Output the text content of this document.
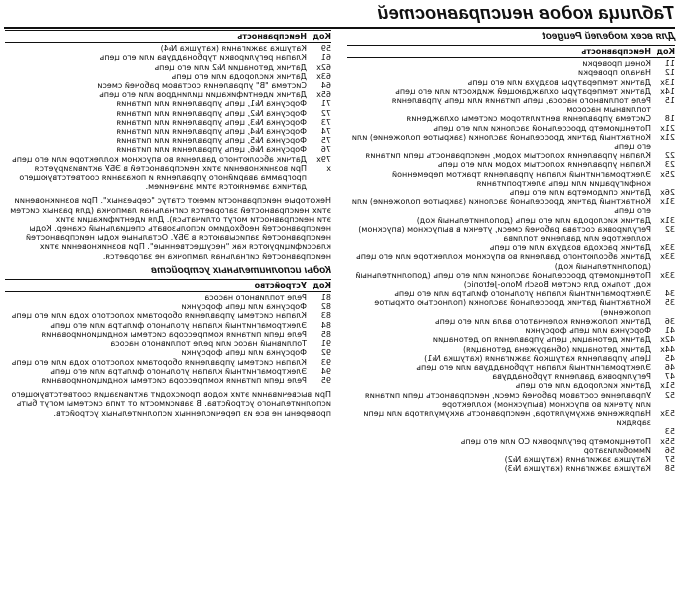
Таблица кодов неисправностей
Для всех моделей Peugeot
Код
Неисправность
11
Конец проверки
12
Начало проверки
13x
Датчик температуры воздуха или его цепь
14x
Датчик температуры охлаждающей жидкости или его цепь
15
Реле топливного насоса, цепь питания или цепь управления топливным насосом
18
Система управления вентилятором системы охлаждения
21x
Потенциометр дроссельной заслонки или его цепь
21x
Контактный датчик дроссельной заслонки (закрытое положение) или его цепь
22
Клапан управления холостым ходом, неисправность цепи питания
23
Клапан управления холостым ходом или его цепь
25x
Электромагнитный клапан управления трактом переменной конфигурации или цепь электропитания
26x
Датчик спидометра или его цепь
31x
Контактный датчик дроссельной заслонки (закрытое положение) или его цепь
31x
Датчик кислорода или его цепь (дополнительный код)
32
Регулировка состава рабочей смеси, утечки в выпускном (впускном) коллекторе или давление топлива
33x
Датчик расхода воздуха или его цепь
33x
Датчик абсолютного давления во впускном коллекторе или его цепь (дополнительный код)
33x
Потенциометр дроссельной заслонки или его цепь (дополнительный код, только для систем Bosch Mono-Jetronic)
34
Электромагнитный клапан угольного фильтра или его цепь
35
Контактный датчик дроссельной заслонки (полностью открытое положение)
36
Датчик положения коленчатого вала или его цепь
41
Форсунка или цепь форсунки
42x
Датчик детонации, цепь управления по детонации
44x
Датчик детонации (обнаружена детонация)
45
Цепь управления катушкой зажигания (катушка №1)
46
Электромагнитный клапан турбонаддува или его цепь
47
Регулировка давления турбонаддува
51x
Датчик кислорода или его цепь
52
Управление составом рабочей смеси, неисправность цепи питания или утечки во впускном (выпускном) коллекторе
53x
Напряжение аккумулятора, неисправность аккумулятора или цепи зарядки
53
55x
Потенциометр регулировки CO или его цепь
56
Иммобилизатор
57
Катушка зажигания (катушка №2)
58
Катушка зажигания (катушка №3)
Код
Неисправность
59
Катушка зажигания (катушка №4)
61
Клапан регулировки турбонаддува или его цепь
62x
Датчик детонации №2 или его цепь
63x
Датчик кислорода или его цепь
64
Система "B" управления составом рабочей смеси
65x
Датчик идентификации цилиндров или его цепь
71
Форсунка №1, цепь управления или питания
72
Форсунка №2, цепь управления или питания
73
Форсунка №3, цепь управления или питания
74
Форсунка №4, цепь управления или питания
75
Форсунка №5, цепь управления или питания
76
Форсунка №6, цепь управления или питания
79x
Датчик абсолютного давления во впускном коллекторе или его цепь
x
При возникновении этих неисправностей в ЭБУ активизируется программа аварийного управления и показания соответствующего датчика заменяются этим значением.
Некоторые неисправности имеют статус "серьезных". При возникновении этих неисправностей загорается сигнальная лампочка (для разных систем эти неисправности могут отличаться). Для идентификации этих неисправностей необходимо использовать специальный сканер. Коды неисправностей записываются в ЭБУ. Остальные коды неисправностей классифицируются как "несущественные". При возникновении этих неисправностей сигнальная лампочка не загорается.
Коды исполнительных устройств
Код
Устройство
81
Реле топливного насоса
82
Форсунка или цепь форсунки
83
Клапан системы управления оборотами холостого хода или его цепь
84
Электромагнитный клапан угольного фильтра или его цепь
85
Реле цепи питания компрессора системы кондиционирования
91
Топливный насос или реле топливного насоса
92
Форсунка или цепь форсунки
93
Клапан системы управления оборотами холостого хода или его цепь
94
Электромагнитный клапан угольного фильтра или его цепь
95
Реле цепи питания компрессора системы кондиционирования
При высвечивании этих кодов происходит активизация соответствующего исполнительного устройства. В зависимости от типа системы могут быть проверены не все из перечисленных исполнительных устройств.
